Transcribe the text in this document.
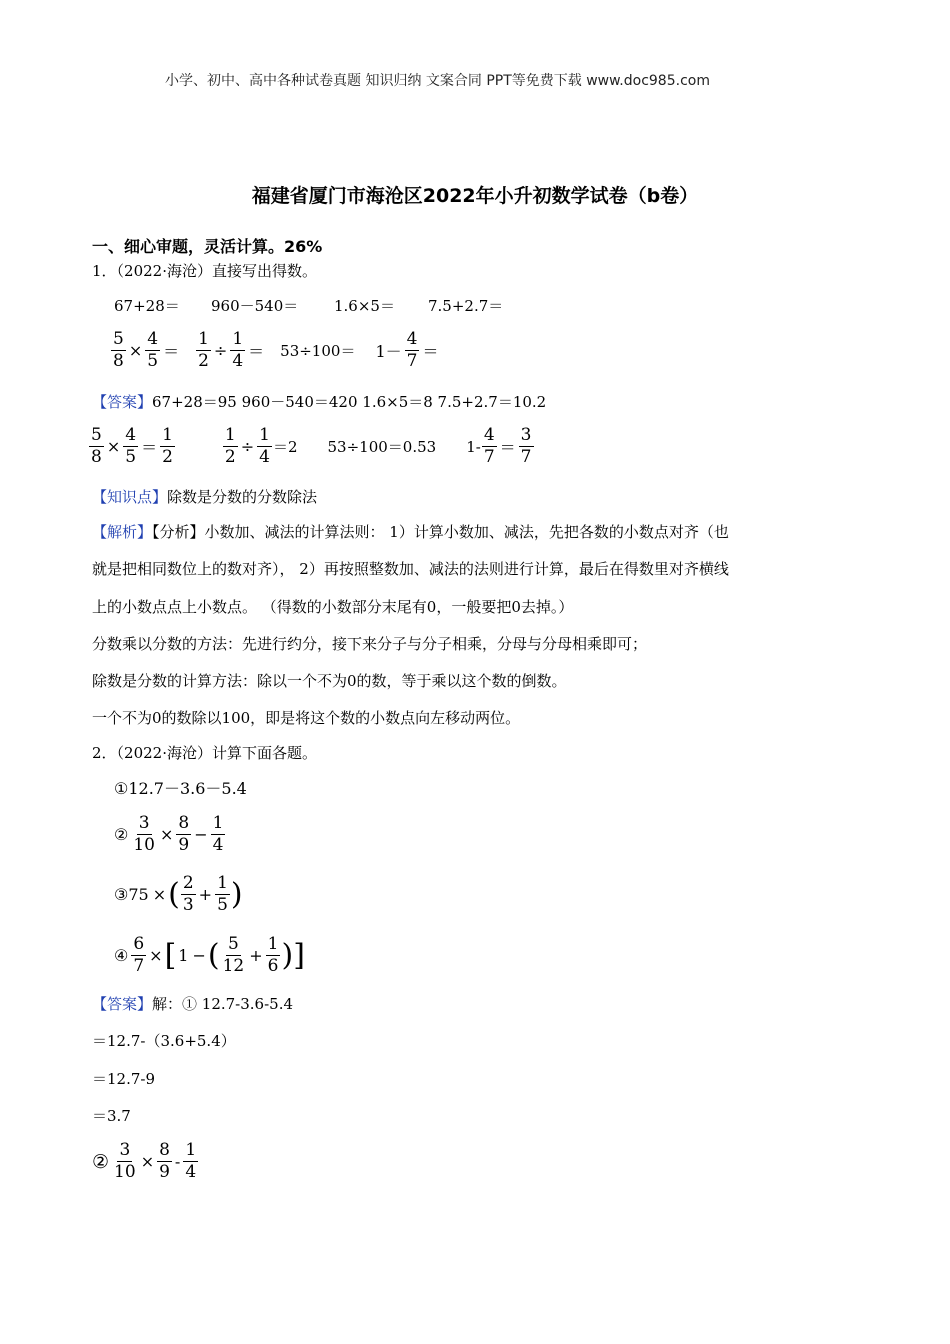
小学、初中、高中各种试卷真题 知识归纳 文案合同 PPT等免费下载 www.doc985.com
福建省厦门市海沧区2022年小升初数学试卷（b卷）
一、细心审题，灵活计算。26%
1．（2022·海沧）直接写出得数。
67+28＝ 960－540＝ 1.6×5＝ 7.5+2.7＝
$\frac{5}{8} \times \frac{4}{5} = \frac{1}{2} \div \frac{1}{4} = 53\div 100= 1- \frac{4}{7}$ ＝
【答案】67+28＝95 960－540＝420 1.6×5＝8 7.5+2.7＝10.2
$\frac{5}{8} \times \frac{4}{5} = \frac{1}{2}$	$\frac{1}{2} \div \frac{1}{4} =2$ 53÷100＝0.53 $1- \frac{4}{7} = \frac{3}{7}$
【知识点】除数是分数的分数除法
【解析】【分析】小数加、减法的计算法则： 1）计算小数加、减法，先把各数的小数点对齐（也
就是把相同数位上的数对齐）， 2）再按照整数加、减法的法则进行计算，最后在得数里对齐横线
上的小数点点上小数点。 （得数的小数部分末尾有0，一般要把0去掉。）
分数乘以分数的方法：先进行约分，接下来分子与分子相乘，分母与分母相乘即可；
除数是分数的计算方法：除以一个不为0的数，等于乘以这个数的倒数。
一个不为0的数除以100，即是将这个数的小数点向左移动两位。
2．（2022·海沧）计算下面各题。
①12.7－3.6－5.4
② $\frac{3}{10} \times \frac{8}{9} - \frac{1}{4}$
③75 × ( $\frac{2}{3} + \frac{1}{5}$ )
④ $\frac{6}{7}$ × [ 1 − ( $\frac{5}{12} + \frac{1}{6}$ ) ]
【答案】解：① 12.7-3.6-5.4
＝12.7-（3.6+5.4）
＝12.7-9
＝3.7
② $\frac{3}{10} \times \frac{8}{9} - \frac{1}{4}$
